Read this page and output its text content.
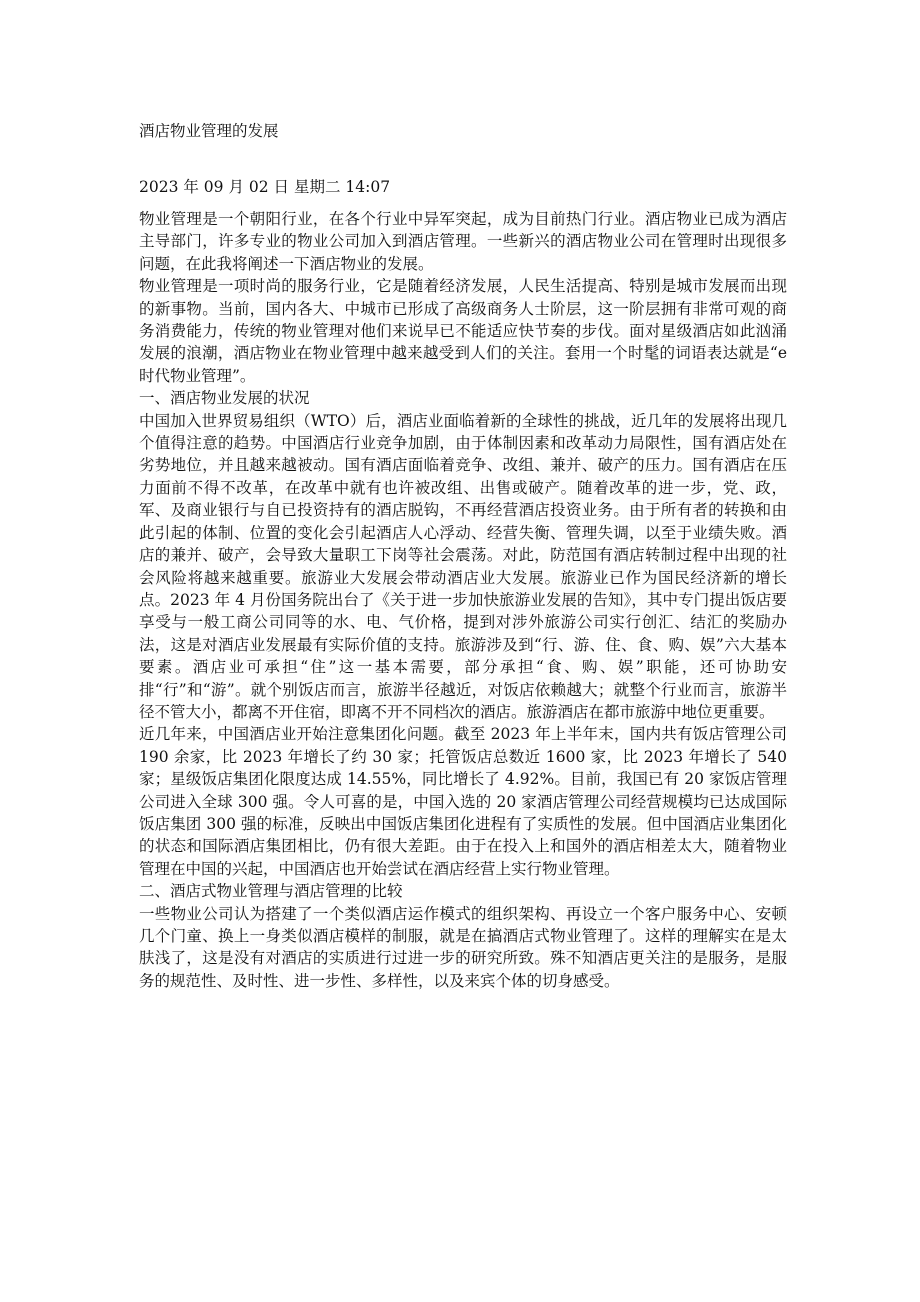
酒店物业管理的发展
2023 年 09 月 02 日 星期二 14:07

物业管理是一个朝阳行业，在各个行业中异军突起，成为目前热门行业。酒店物业已成为酒店主导部门，许多专业的物业公司加入到酒店管理。一些新兴的酒店物业公司在管理时出现很多问题，在此我将阐述一下酒店物业的发展。

物业管理是一项时尚的服务行业，它是随着经济发展，人民生活提高、特别是城市发展而出现的新事物。当前，国内各大、中城市已形成了高级商务人士阶层，这一阶层拥有非常可观的商务消费能力，传统的物业管理对他们来说早已不能适应快节奏的步伐。面对星级酒店如此汹涌发展的浪潮，酒店物业在物业管理中越来越受到人们的关注。套用一个时髦的词语表达就是“e 时代物业管理”。

一、酒店物业发展的状况

中国加入世界贸易组织（WTO）后，酒店业面临着新的全球性的挑战，近几年的发展将出现几个值得注意的趋势。中国酒店行业竞争加剧，由于体制因素和改革动力局限性，国有酒店处在劣势地位，并且越来越被动。国有酒店面临着竞争、改组、兼并、破产的压力。国有酒店在压力面前不得不改革，在改革中就有也许被改组、出售或破产。随着改革的进一步，党、政，军、及商业银行与自已投资持有的酒店脱钩，不再经营酒店投资业务。由于所有者的转换和由此引起的体制、位置的变化会引起酒店人心浮动、经营失衡、管理失调，以至于业绩失败。酒店的兼并、破产，会导致大量职工下岗等社会震荡。对此，防范国有酒店转制过程中出现的社会风险将越来越重要。旅游业大发展会带动酒店业大发展。旅游业已作为国民经济新的增长点。2023 年 4 月份国务院出台了《关于进一步加快旅游业发展的告知》，其中专门提出饭店要享受与一般工商公司同等的水、电、气价格，提到对涉外旅游公司实行创汇、结汇的奖励办法，这是对酒店业发展最有实际价值的支持。旅游涉及到“行、游、住、食、购、娱”六大基本要素。酒店业可承担“住”这一基本需要，部分承担“食、购、娱”职能，还可协助安排“行”和“游”。就个别饭店而言，旅游半径越近，对饭店依赖越大；就整个行业而言，旅游半径不管大小，都离不开住宿，即离不开不同档次的酒店。旅游酒店在都市旅游中地位更重要。

近几年来，中国酒店业开始注意集团化问题。截至 2023 年上半年末，国内共有饭店管理公司 190 余家，比 2023 年增长了约 30 家；托管饭店总数近 1600 家，比 2023 年增长了 540 家；星级饭店集团化限度达成 14.55%，同比增长了 4.92%。目前，我国已有 20 家饭店管理公司进入全球 300 强。令人可喜的是，中国入选的 20 家酒店管理公司经营规模均已达成国际饭店集团 300 强的标准，反映出中国饭店集团化进程有了实质性的发展。但中国酒店业集团化的状态和国际酒店集团相比，仍有很大差距。由于在投入上和国外的酒店相差太大，随着物业管理在中国的兴起，中国酒店也开始尝试在酒店经营上实行物业管理。

二、酒店式物业管理与酒店管理的比较

一些物业公司认为搭建了一个类似酒店运作模式的组织架构、再设立一个客户服务中心、安顿几个门童、换上一身类似酒店模样的制服，就是在搞酒店式物业管理了。这样的理解实在是太肤浅了，这是没有对酒店的实质进行过进一步的研究所致。殊不知酒店更关注的是服务，是服务的规范性、及时性、进一步性、多样性，以及来宾个体的切身感受。
